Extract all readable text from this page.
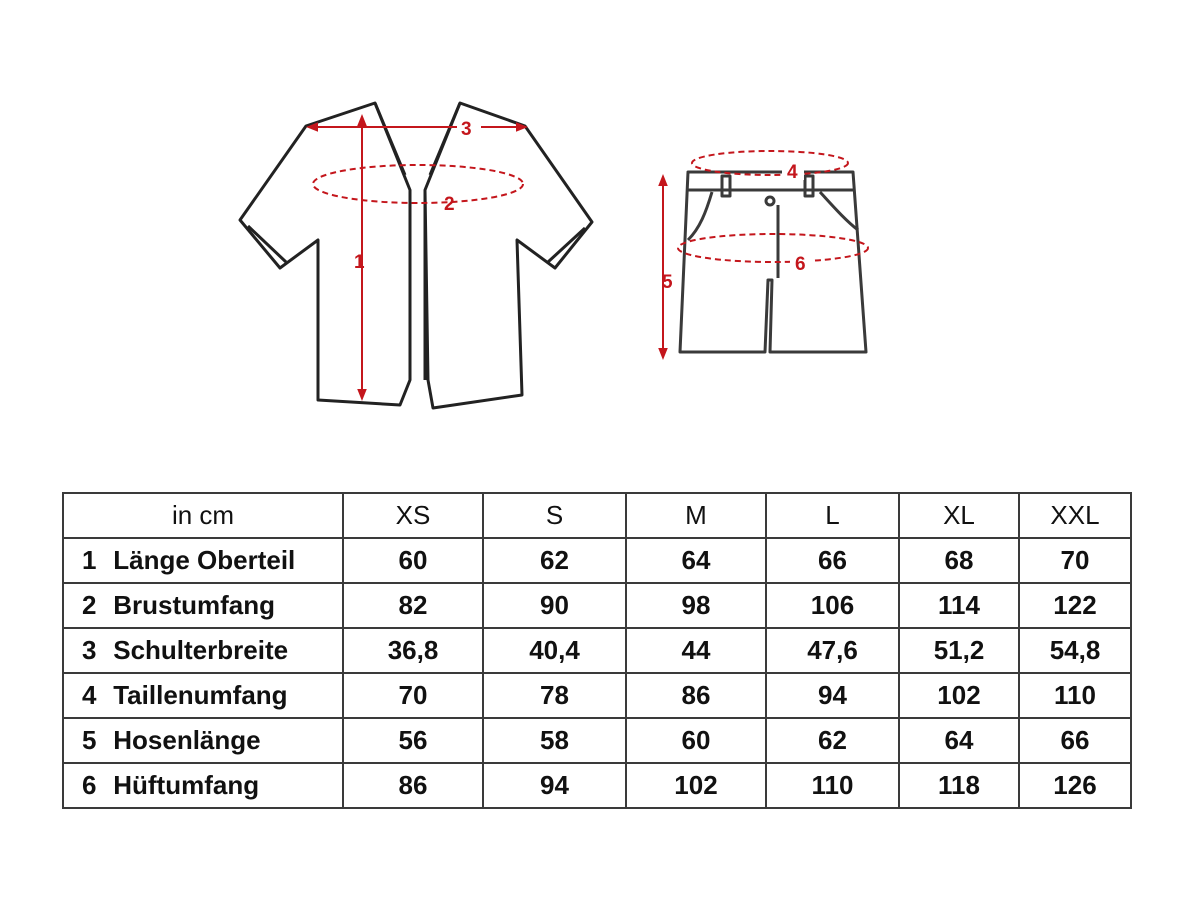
1
2
3
4
5
6
in cm	XS	S	M	L	XL	XXL
1 Länge Oberteil	60	62	64	66	68	70
2 Brustumfang	82	90	98	106	114	122
3 Schulterbreite	36,8	40,4	44	47,6	51,2	54,8
4 Taillenumfang	70	78	86	94	102	110
5 Hosenlänge	56	58	60	62	64	66
6 Hüftumfang	86	94	102	110	118	126
